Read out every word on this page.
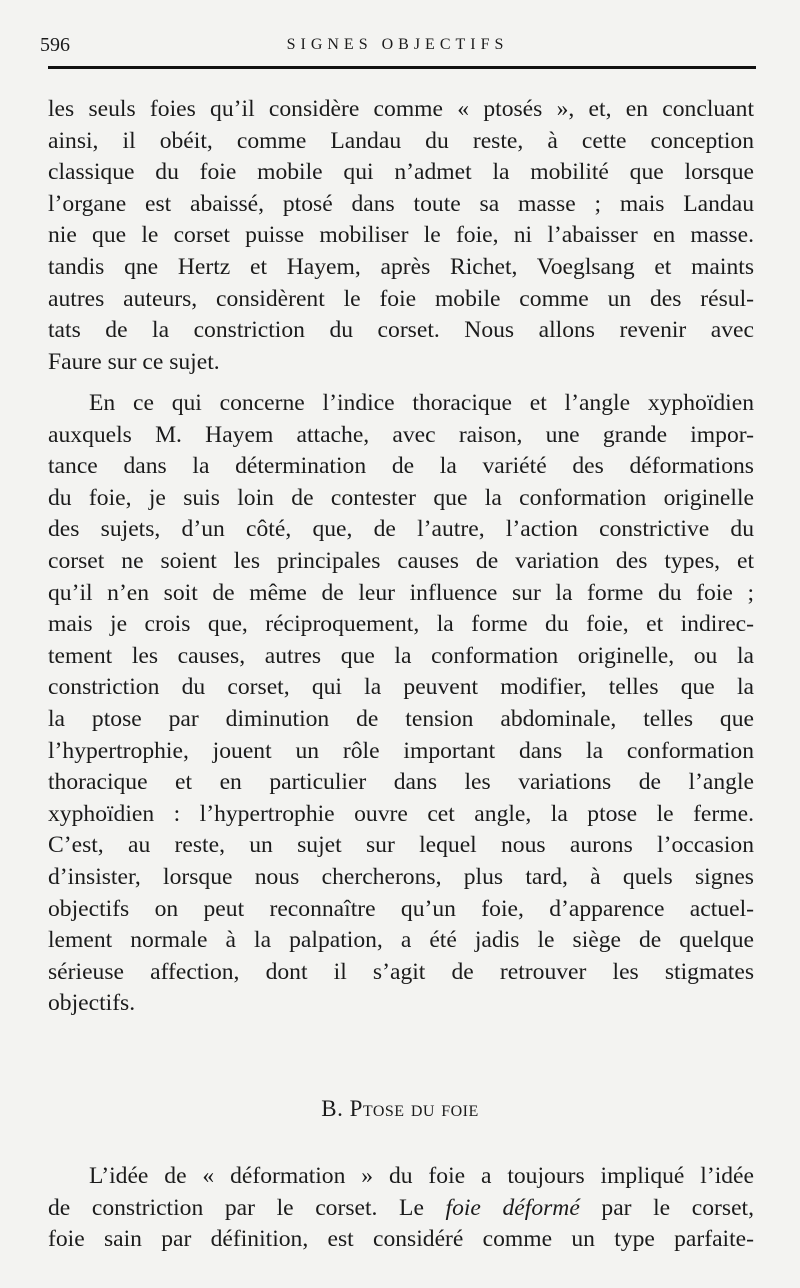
596	SIGNES OBJECTIFS
les seuls foies qu’il considère comme « ptosés », et, en concluant
ainsi, il obéit, comme Landau du reste, à cette conception
classique du foie mobile qui n’admet la mobilité que lorsque
l’organe est abaissé, ptosé dans toute sa masse ; mais Landau
nie que le corset puisse mobiliser le foie, ni l’abaisser en masse.
tandis qne Hertz et Hayem, après Richet, Voeglsang et maints
autres auteurs, considèrent le foie mobile comme un des résul-
tats de la constriction du corset. Nous allons revenir avec
Faure sur ce sujet.
En ce qui concerne l’indice thoracique et l’angle xyphoïdien
auxquels M. Hayem attache, avec raison, une grande impor-
tance dans la détermination de la variété des déformations
du foie, je suis loin de contester que la conformation originelle
des sujets, d’un côté, que, de l’autre, l’action constrictive du
corset ne soient les principales causes de variation des types, et
qu’il n’en soit de même de leur influence sur la forme du foie ;
mais je crois que, réciproquement, la forme du foie, et indirec-
tement les causes, autres que la conformation originelle, ou la
constriction du corset, qui la peuvent modifier, telles que la
la ptose par diminution de tension abdominale, telles que
l’hypertrophie, jouent un rôle important dans la conformation
thoracique et en particulier dans les variations de l’angle
xyphoïdien : l’hypertrophie ouvre cet angle, la ptose le ferme.
C’est, au reste, un sujet sur lequel nous aurons l’occasion
d’insister, lorsque nous chercherons, plus tard, à quels signes
objectifs on peut reconnaître qu’un foie, d’apparence actuel-
lement normale à la palpation, a été jadis le siège de quelque
sérieuse affection, dont il s’agit de retrouver les stigmates
objectifs.
B. Ptose du foie
L’idée de « déformation » du foie a toujours impliqué l’idée
de constriction par le corset. Le foie déformé par le corset,
foie sain par définition, est considéré comme un type parfaite-
